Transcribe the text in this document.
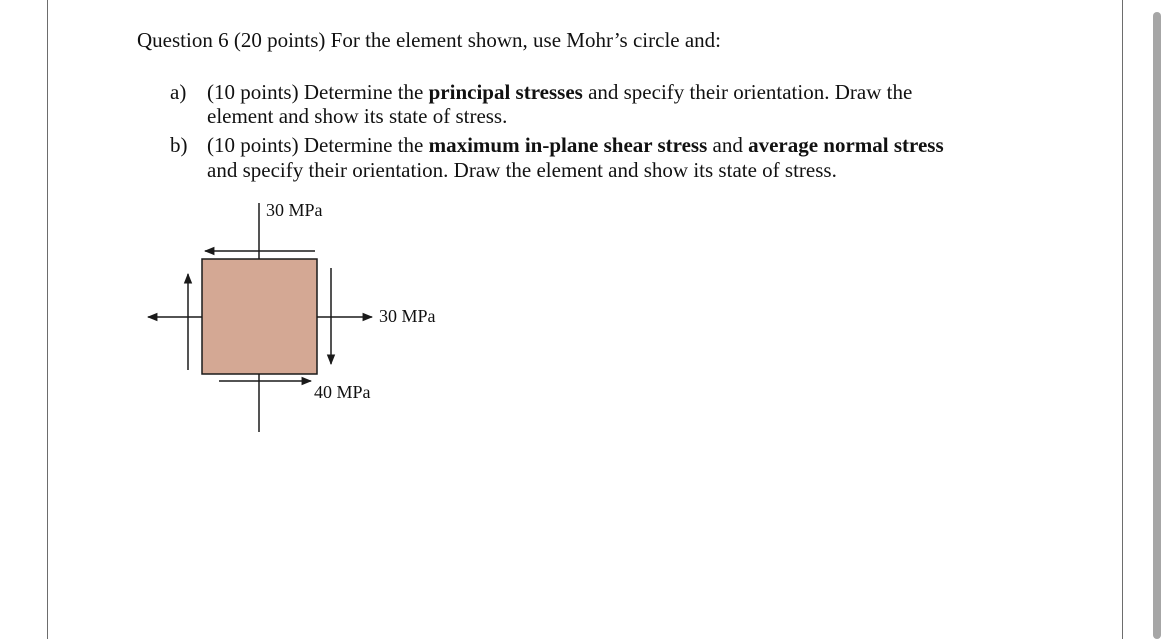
Question 6 (20 points) For the element shown, use Mohr’s circle and:
a) (10 points) Determine the principal stresses and specify their orientation. Draw the
element and show its state of stress.
b) (10 points) Determine the maximum in-plane shear stress and average normal stress
and specify their orientation. Draw the element and show its state of stress.
30 MPa
30 MPa
40 MPa
